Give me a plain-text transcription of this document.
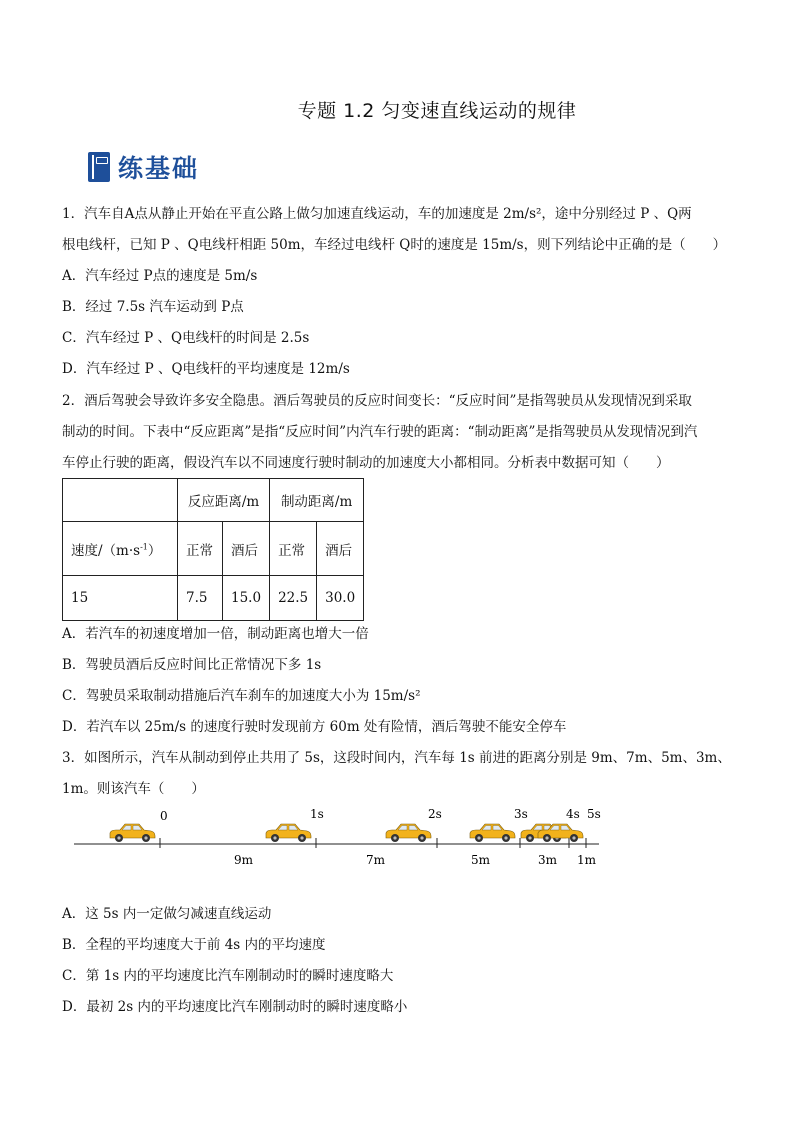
专题 1.2 匀变速直线运动的规律
练基础
1．汽车自A点从静止开始在平直公路上做匀加速直线运动，车的加速度是 2m/s²，途中分别经过 P 、Q两
根电线杆，已知 P 、Q电线杆相距 50m，车经过电线杆 Q时的速度是 15m/s，则下列结论中正确的是（　　）
A．汽车经过 P点的速度是 5m/s
B．经过 7.5s 汽车运动到 P点
C．汽车经过 P 、Q电线杆的时间是 2.5s
D．汽车经过 P 、Q电线杆的平均速度是 12m/s
2．酒后驾驶会导致许多安全隐患。酒后驾驶员的反应时间变长：“反应时间”是指驾驶员从发现情况到采取
制动的时间。下表中“反应距离”是指“反应时间”内汽车行驶的距离：“制动距离”是指驾驶员从发现情况到汽
车停止行驶的距离，假设汽车以不同速度行驶时制动的加速度大小都相同。分析表中数据可知（　　）
	反应距离/m		制动距离/m	
速度$/(m\cdot s^{-1})$	正常	酒后	正常	酒后
15	7.5	15.0	22.5	30.0
A．若汽车的初速度增加一倍，制动距离也增大一倍
B．驾驶员酒后反应时间比正常情况下多 1s
C．驾驶员采取制动措施后汽车刹车的加速度大小为 15m/s²
D．若汽车以 25m/s 的速度行驶时发现前方 60m 处有险情，酒后驾驶不能安全停车
3．如图所示，汽车从制动到停止共用了 5s，这段时间内，汽车每 1s 前进的距离分别是 9m、7m、5m、3m、
1m。则该汽车（　　）
0	1s	2s	3s	4s 5s
9m	7m	5m	3m 1m
A．这 5s 内一定做匀减速直线运动
B．全程的平均速度大于前 4s 内的平均速度
C．第 1s 内的平均速度比汽车刚制动时的瞬时速度略大
D．最初 2s 内的平均速度比汽车刚制动时的瞬时速度略小
